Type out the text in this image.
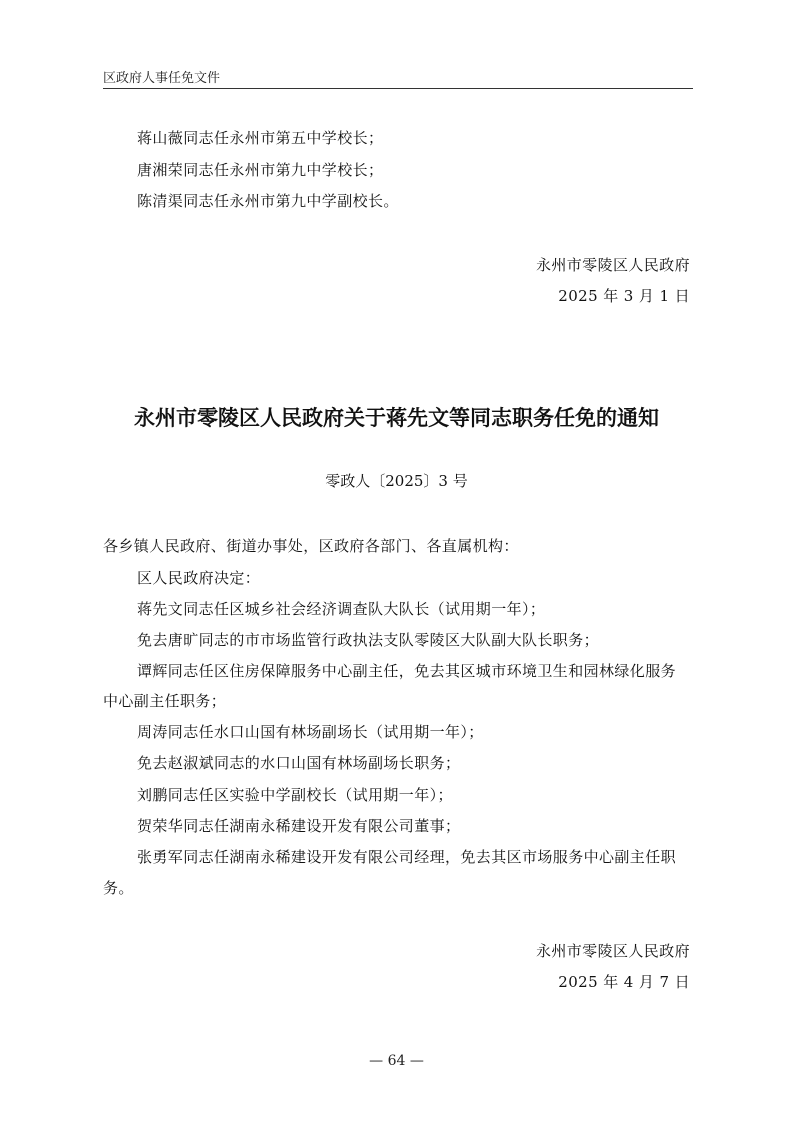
区政府人事任免文件
蒋山薇同志任永州市第五中学校长；
唐湘荣同志任永州市第九中学校长；
陈清渠同志任永州市第九中学副校长。
永州市零陵区人民政府
2025 年 3 月 1 日
永州市零陵区人民政府关于蒋先文等同志职务任免的通知
零政人〔2025〕3 号
各乡镇人民政府、街道办事处，区政府各部门、各直属机构：
区人民政府决定：
蒋先文同志任区城乡社会经济调查队大队长（试用期一年）；
免去唐旷同志的市市场监管行政执法支队零陵区大队副大队长职务；
谭辉同志任区住房保障服务中心副主任，免去其区城市环境卫生和园林绿化服务
中心副主任职务；
周涛同志任水口山国有林场副场长（试用期一年）；
免去赵淑斌同志的水口山国有林场副场长职务；
刘鹏同志任区实验中学副校长（试用期一年）；
贺荣华同志任湖南永稀建设开发有限公司董事；
张勇军同志任湖南永稀建设开发有限公司经理，免去其区市场服务中心副主任职
务。
永州市零陵区人民政府
2025 年 4 月 7 日
— 64 —
